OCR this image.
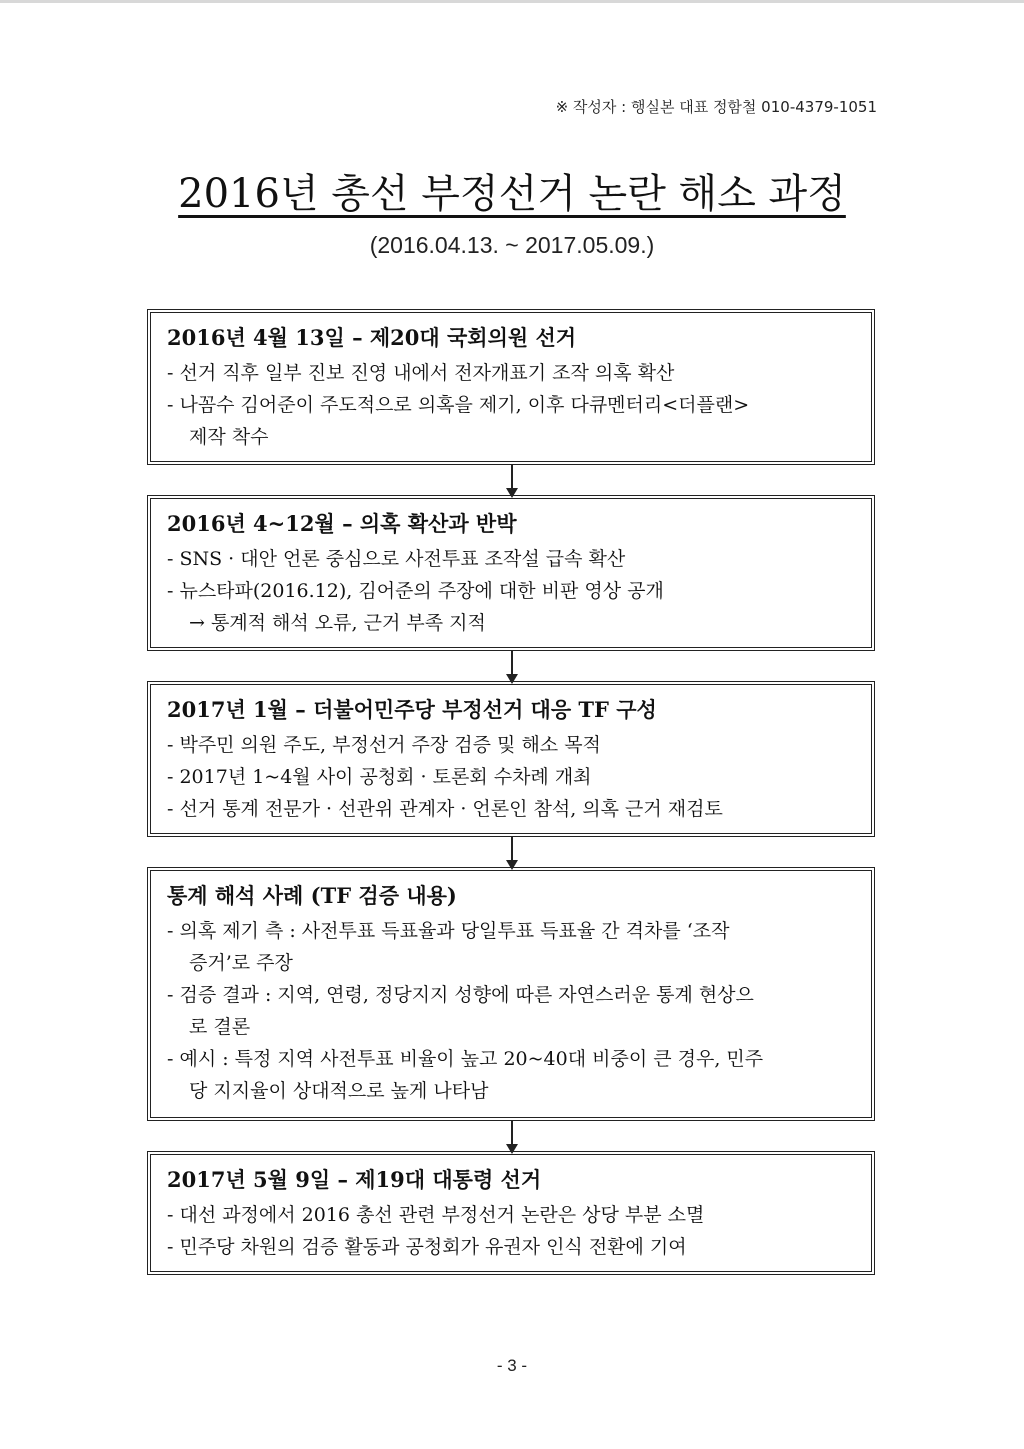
※ 작성자 : 행실본 대표 정함철 010-4379-1051
2016년 총선 부정선거 논란 해소 과정
(2016.04.13. ~ 2017.05.09.)
2016년 4월 13일 – 제20대 국회의원 선거
- 선거 직후 일부 진보 진영 내에서 전자개표기 조작 의혹 확산
- 나꼼수 김어준이 주도적으로 의혹을 제기, 이후 다큐멘터리<더플랜>
제작 착수
2016년 4~12월 – 의혹 확산과 반박
- SNS · 대안 언론 중심으로 사전투표 조작설 급속 확산
- 뉴스타파(2016.12), 김어준의 주장에 대한 비판 영상 공개
→ 통계적 해석 오류, 근거 부족 지적
2017년 1월 – 더불어민주당 부정선거 대응 TF 구성
- 박주민 의원 주도, 부정선거 주장 검증 및 해소 목적
- 2017년 1~4월 사이 공청회 · 토론회 수차례 개최
- 선거 통계 전문가 · 선관위 관계자 · 언론인 참석, 의혹 근거 재검토
통계 해석 사례 (TF 검증 내용)
- 의혹 제기 측 : 사전투표 득표율과 당일투표 득표율 간 격차를 ‘조작
증거’로 주장
- 검증 결과 : 지역, 연령, 정당지지 성향에 따른 자연스러운 통계 현상으
로 결론
- 예시 : 특정 지역 사전투표 비율이 높고 20~40대 비중이 큰 경우, 민주
당 지지율이 상대적으로 높게 나타남
2017년 5월 9일 – 제19대 대통령 선거
- 대선 과정에서 2016 총선 관련 부정선거 논란은 상당 부분 소멸
- 민주당 차원의 검증 활동과 공청회가 유권자 인식 전환에 기여
- 3 -
